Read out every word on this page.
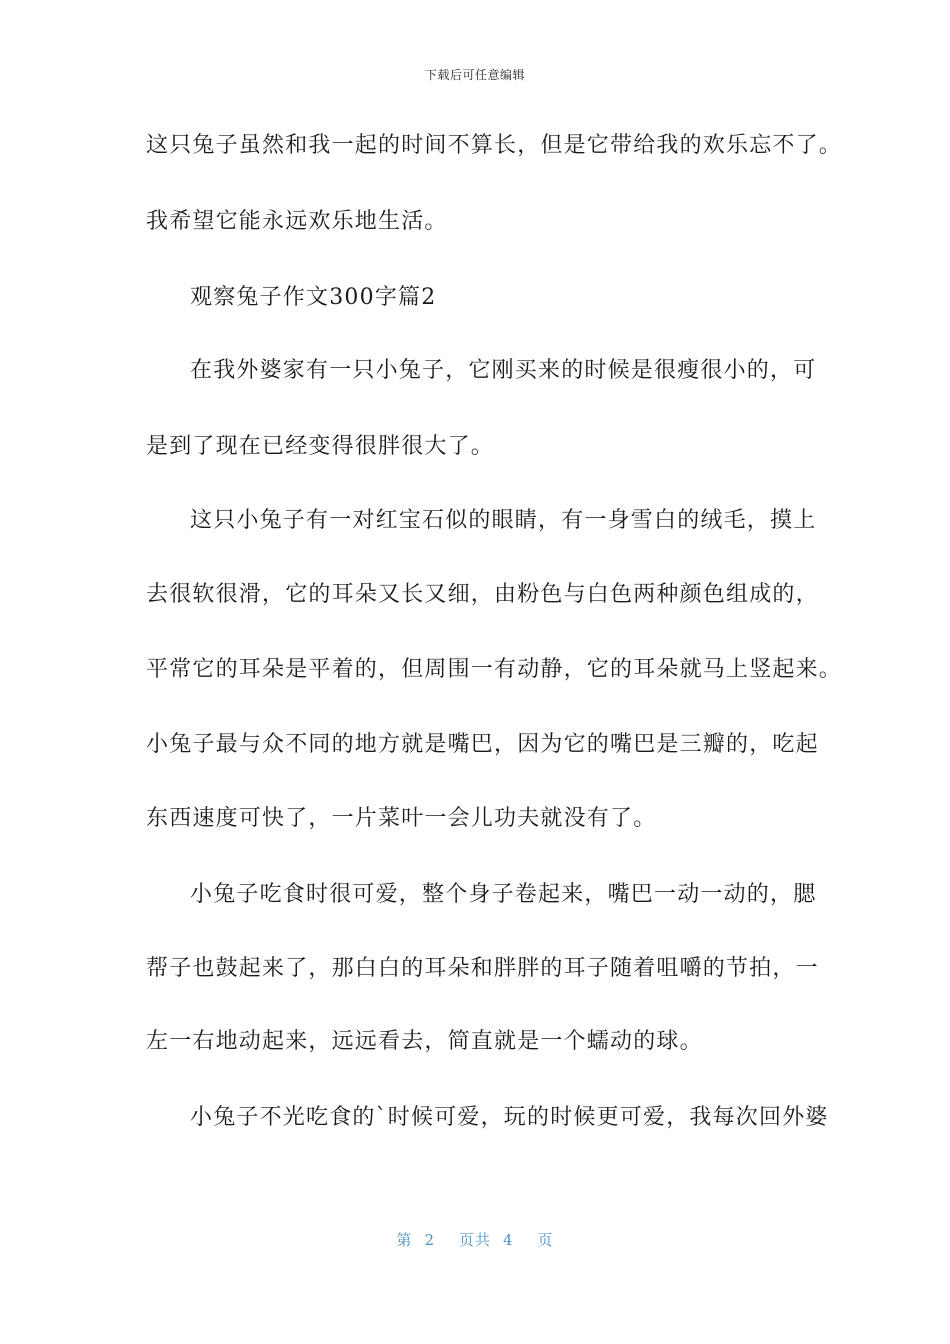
下载后可任意编辑
这只兔子虽然和我一起的时间不算长，但是它带给我的欢乐忘不了。
我希望它能永远欢乐地生活。
观察兔子作文300字篇2
在我外婆家有一只小兔子，它刚买来的时候是很瘦很小的，可
是到了现在已经变得很胖很大了。
这只小兔子有一对红宝石似的眼睛，有一身雪白的绒毛，摸上
去很软很滑，它的耳朵又长又细，由粉色与白色两种颜色组成的，
平常它的耳朵是平着的，但周围一有动静，它的耳朵就马上竖起来。
小兔子最与众不同的地方就是嘴巴，因为它的嘴巴是三瓣的，吃起
东西速度可快了，一片菜叶一会儿功夫就没有了。
小兔子吃食时很可爱，整个身子卷起来，嘴巴一动一动的，腮
帮子也鼓起来了，那白白的耳朵和胖胖的耳子随着咀嚼的节拍，一
左一右地动起来，远远看去，简直就是一个蠕动的球。
小兔子不光吃食的`时候可爱，玩的时候更可爱，我每次回外婆
第 2 页共 4 页
